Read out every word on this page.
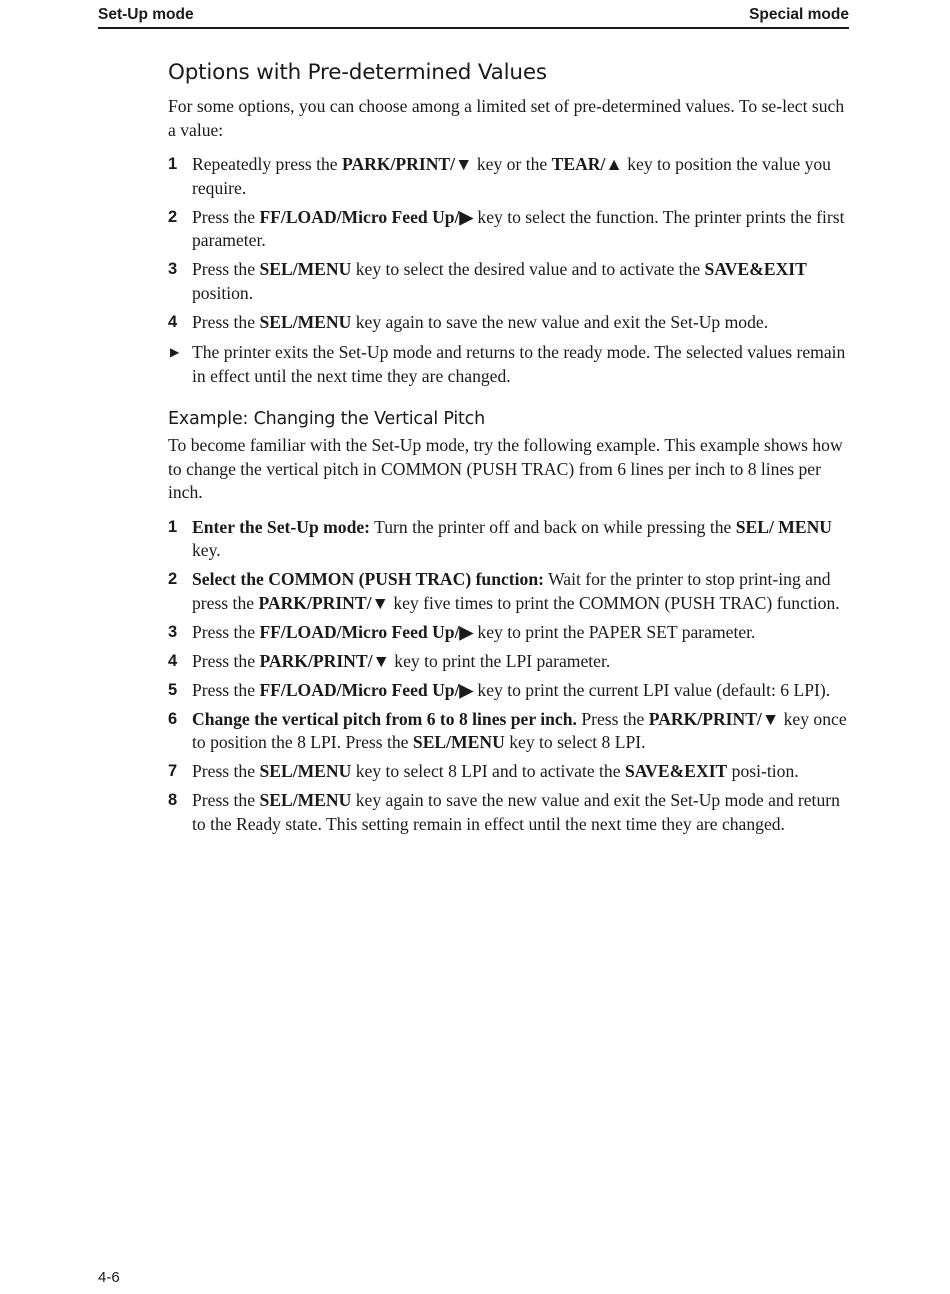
Set-Up mode	Special mode
Options with Pre-determined Values

For some options, you can choose among a limited set of pre-determined values. To se-lect such a value:

1 Repeatedly press the PARK/PRINT/▼ key or the TEAR/▲ key to position the value you require.
2 Press the FF/LOAD/Micro Feed Up/▶ key to select the function. The printer prints the first parameter.
3 Press the SEL/MENU key to select the desired value and to activate the SAVE&EXIT position.
4 Press the SEL/MENU key again to save the new value and exit the Set-Up mode.
▶ The printer exits the Set-Up mode and returns to the ready mode. The selected values remain in effect until the next time they are changed.
Example: Changing the Vertical Pitch

To become familiar with the Set-Up mode, try the following example. This example shows how to change the vertical pitch in COMMON (PUSH TRAC) from 6 lines per inch to 8 lines per inch.

1 Enter the Set-Up mode: Turn the printer off and back on while pressing the SEL/ MENU key.
2 Select the COMMON (PUSH TRAC) function: Wait for the printer to stop print-ing and press the PARK/PRINT/▼ key five times to print the COMMON (PUSH TRAC) function.
3 Press the FF/LOAD/Micro Feed Up/▶ key to print the PAPER SET parameter.
4 Press the PARK/PRINT/▼ key to print the LPI parameter.
5 Press the FF/LOAD/Micro Feed Up/▶ key to print the current LPI value (default: 6 LPI).
6 Change the vertical pitch from 6 to 8 lines per inch. Press the PARK/PRINT/▼ key once to position the 8 LPI. Press the SEL/MENU key to select 8 LPI.
7 Press the SEL/MENU key to select 8 LPI and to activate the SAVE&EXIT posi-tion.
8 Press the SEL/MENU key again to save the new value and exit the Set-Up mode and return to the Ready state. This setting remain in effect until the next time they are changed.
4-6
